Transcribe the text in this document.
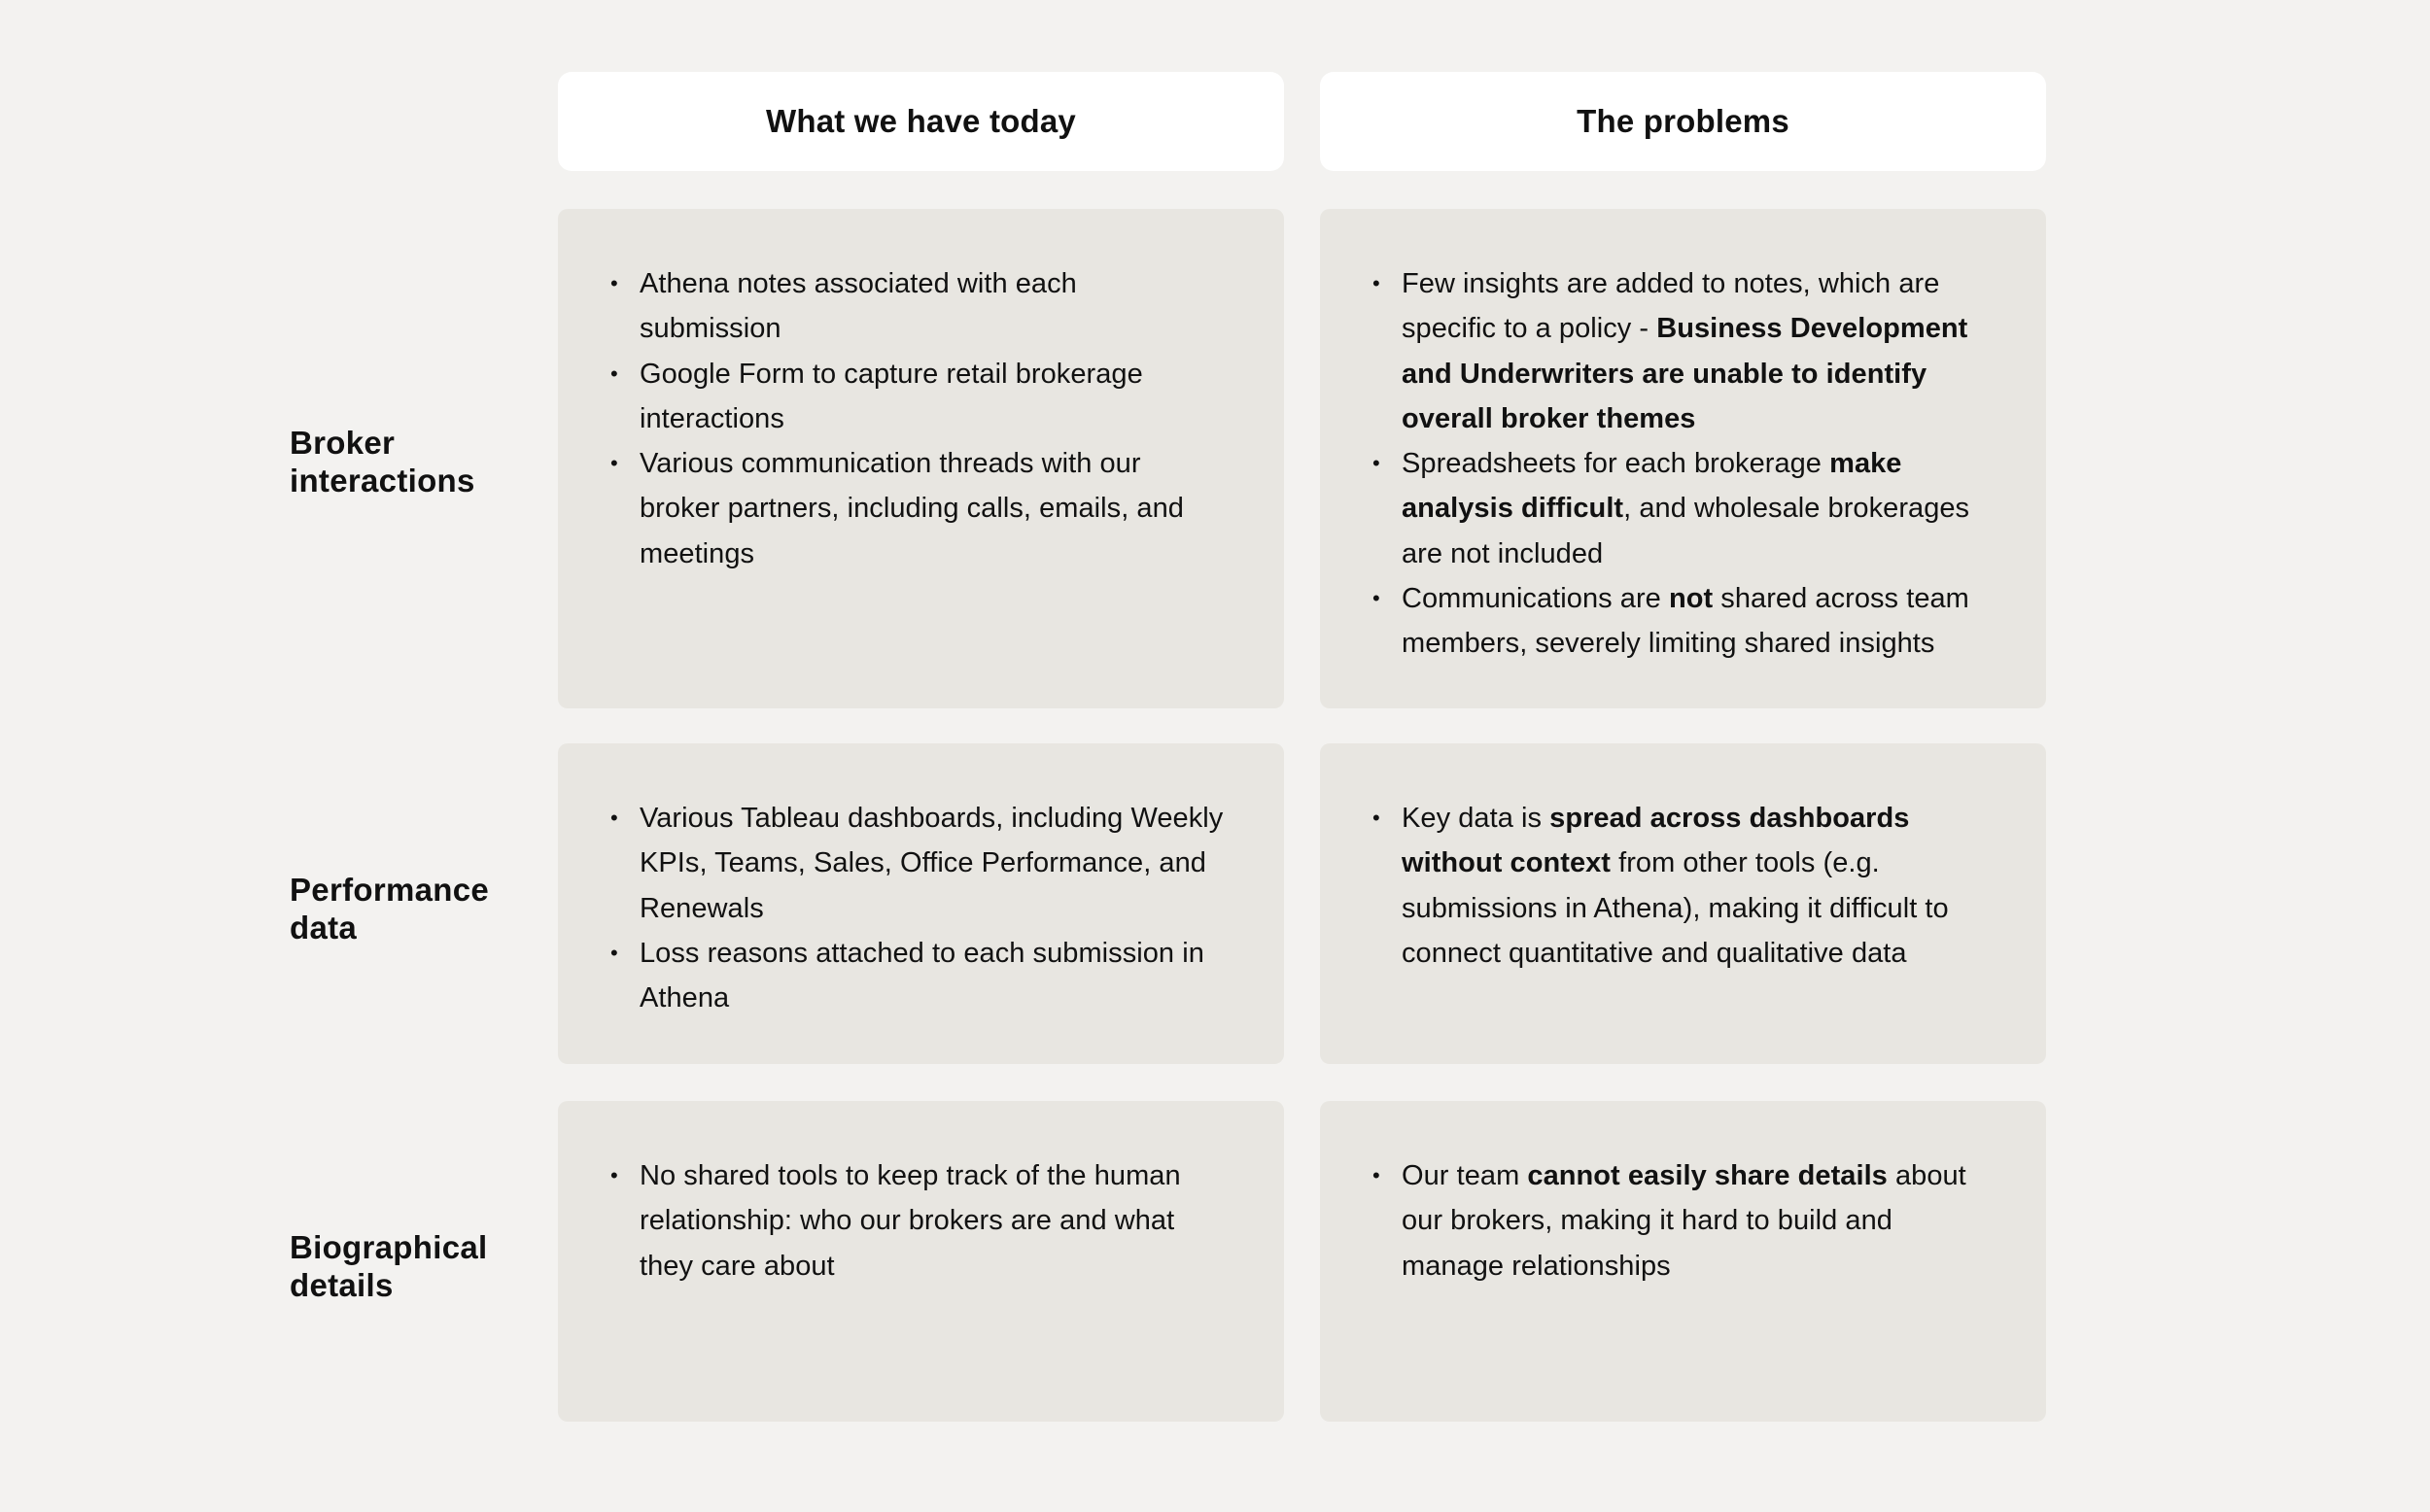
What we have today	The problems
Broker interactions
• Athena notes associated with each submission
• Google Form to capture retail brokerage interactions
• Various communication threads with our broker partners, including calls, emails, and meetings
• Few insights are added to notes, which are specific to a policy - Business Development and Underwriters are unable to identify overall broker themes
• Spreadsheets for each brokerage make analysis difficult, and wholesale brokerages are not included
• Communications are not shared across team members, severely limiting shared insights
Performance data
• Various Tableau dashboards, including Weekly KPIs, Teams, Sales, Office Performance, and Renewals
• Loss reasons attached to each submission in Athena
• Key data is spread across dashboards without context from other tools (e.g. submissions in Athena), making it difficult to connect quantitative and qualitative data
Biographical details
• No shared tools to keep track of the human relationship: who our brokers are and what they care about
• Our team cannot easily share details about our brokers, making it hard to build and manage relationships
